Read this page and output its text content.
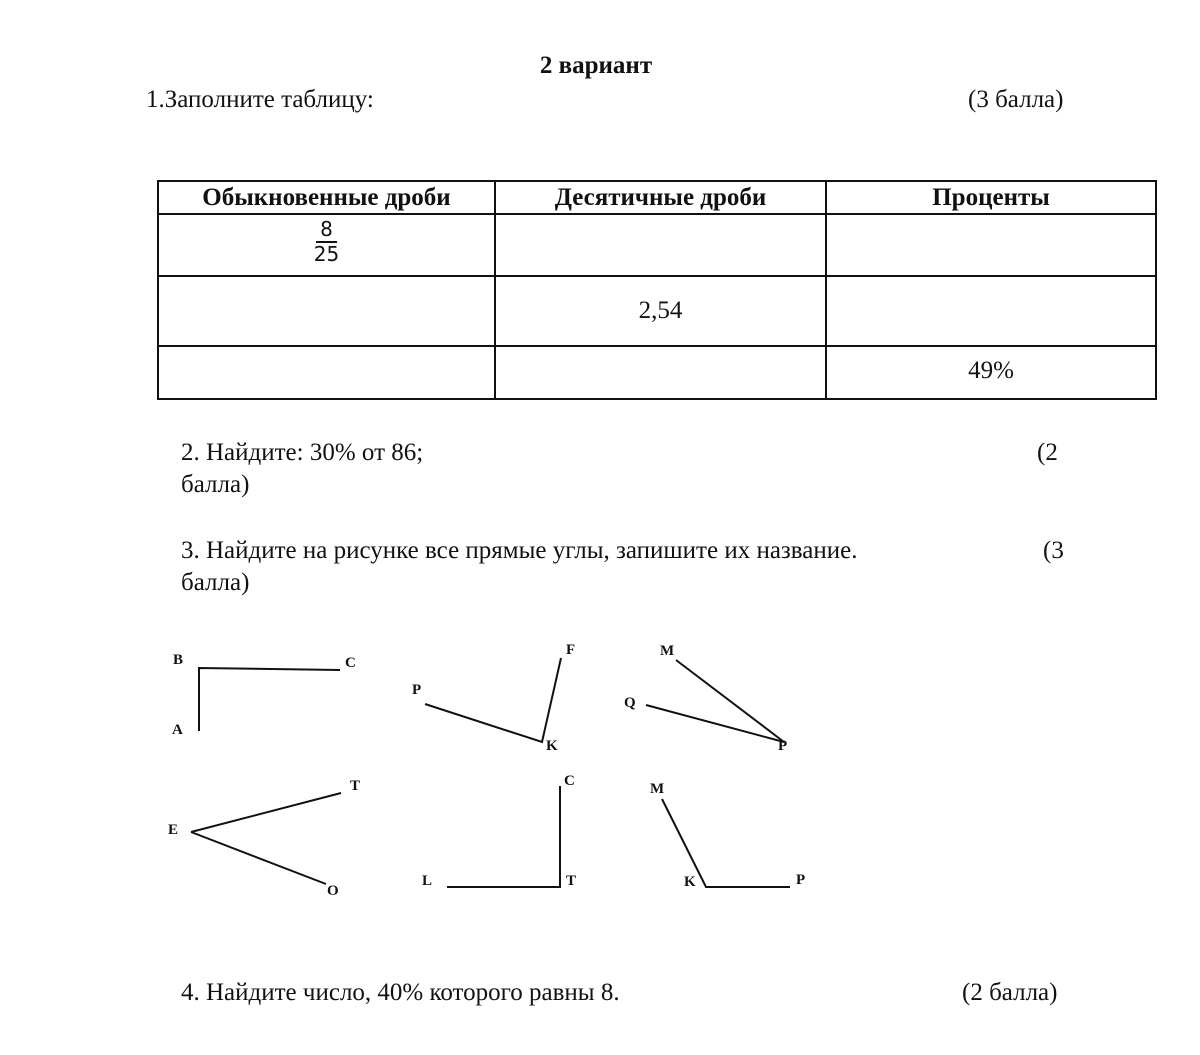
2 вариант
1.Заполните таблицу:	(3 балла)
Обыкновенные дроби	Десятичные дроби	Проценты

$\frac{8}{25}$

	2,54	
		49%
2. Найдите: 30% от 86;	(2
балла)
3. Найдите на рисунке все прямые углы, запишите их название.	(3
балла)
B	C
A
P
K
F	M
Q
P
E
T
O
L	T
C	M
K	P
4. Найдите число, 40% которого равны 8.	(2 балла)
